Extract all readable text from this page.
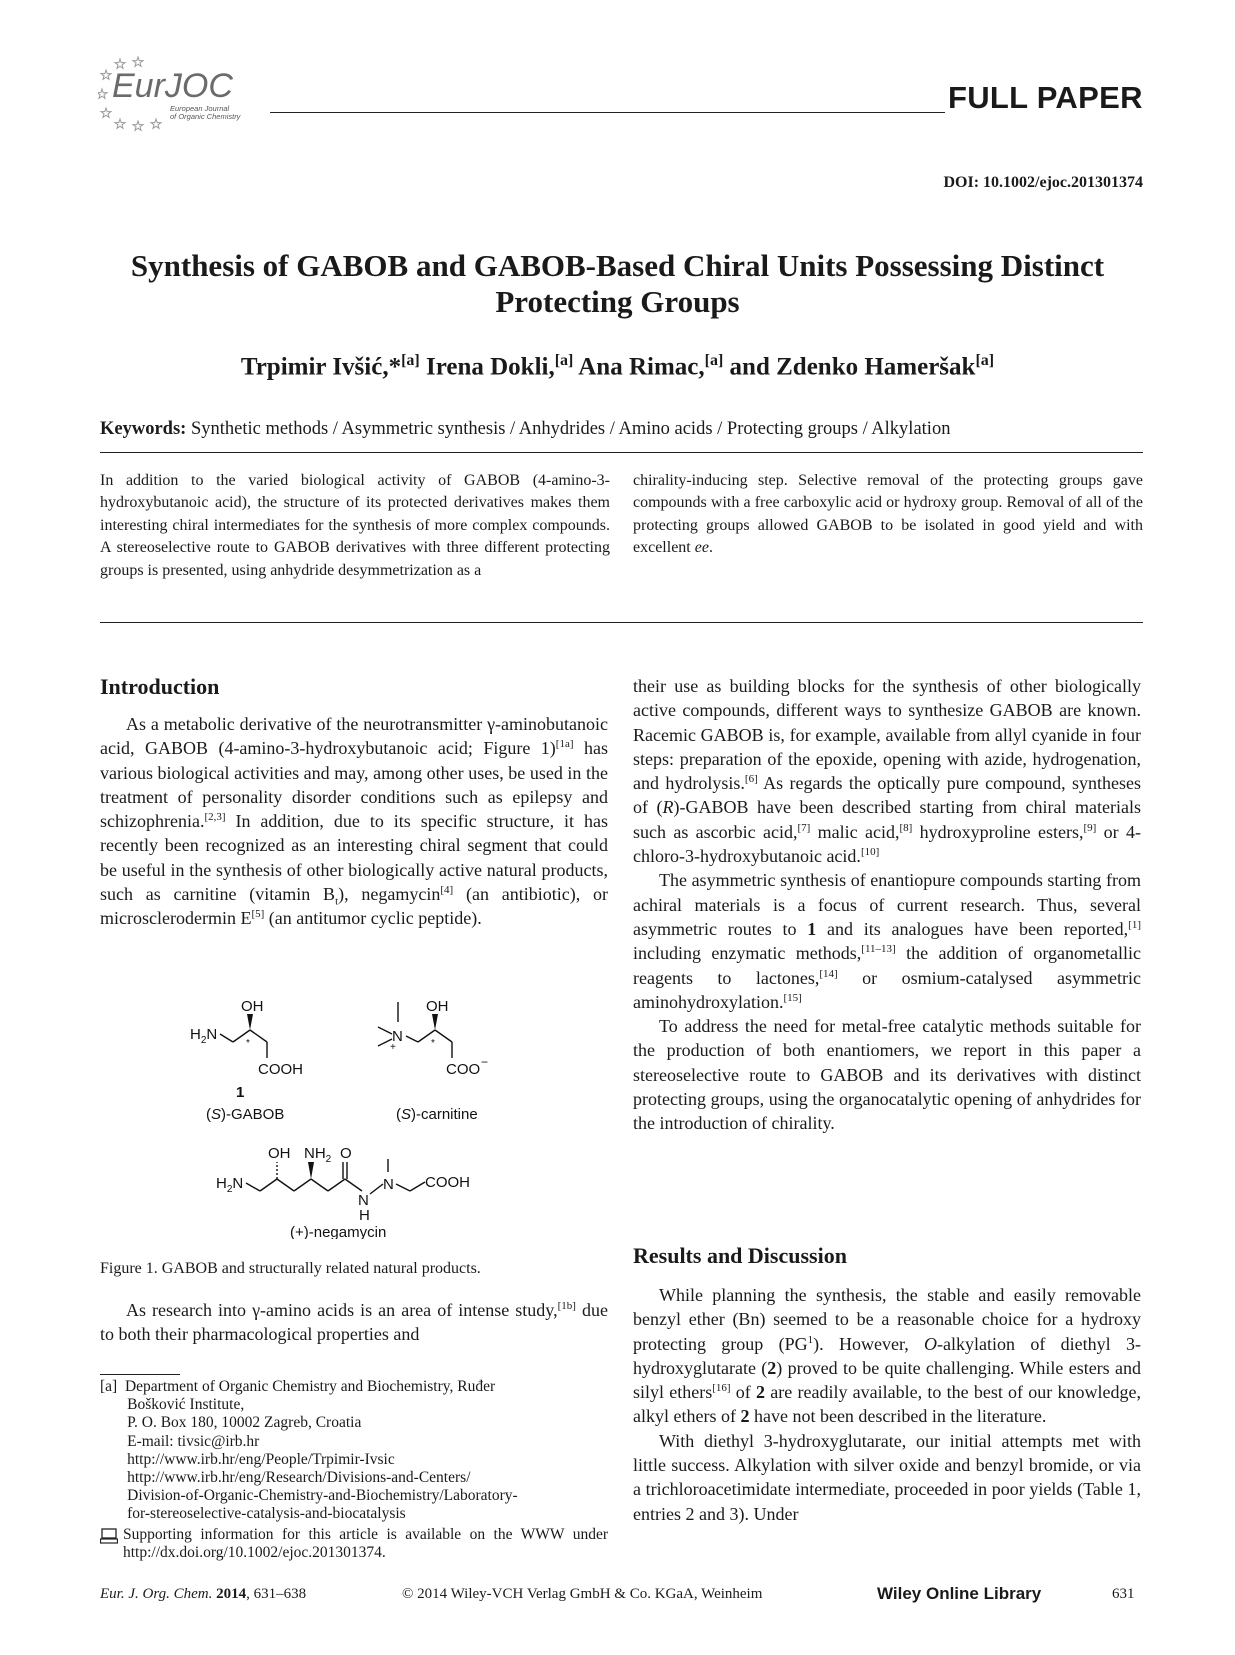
EurJOC
European Journal
of Organic Chemistry
FULL PAPER
DOI: 10.1002/ejoc.201301374
Synthesis of GABOB and GABOB-Based Chiral Units Possessing Distinct
Protecting Groups
Trpimir Ivšić,*[a] Irena Dokli,[a] Ana Rimac,[a] and Zdenko Hameršak[a]
Keywords: Synthetic methods / Asymmetric synthesis / Anhydrides / Amino acids / Protecting groups / Alkylation
In addition to the varied biological activity of GABOB (4-amino-3-hydroxybutanoic acid), the structure of its protected derivatives makes them interesting chiral intermediates for the synthesis of more complex compounds. A stereoselective route to GABOB derivatives with three different protecting groups is presented, using anhydride desymmetrization as a
chirality-inducing step. Selective removal of the protecting groups gave compounds with a free carboxylic acid or hydroxy group. Removal of all of the protecting groups allowed GABOB to be isolated in good yield and with excellent ee.
Introduction

As a metabolic derivative of the neurotransmitter γ-aminobutanoic acid, GABOB (4-amino-3-hydroxybutanoic acid; Figure 1)[1a] has various biological activities and may, among other uses, be used in the treatment of personality disorder conditions such as epilepsy and schizophrenia.[2,3] In addition, due to its specific structure, it has recently been recognized as an interesting chiral segment that could be useful in the synthesis of other biologically active natural products, such as carnitine (vitamin $B_t$), negamycin[4] (an antibiotic), or microsclerodermin E[5] (an antitumor cyclic peptide).

$H_2N$
OH
*
COOH
1
(S)-GABOB
N
+
OH
*
COO −
(S)-carnitine
$H_2N$
OH $NH_2$ O
N
H
N COOH
(+)-negamycin
Figure 1. GABOB and structurally related natural products.

As research into γ-amino acids is an area of intense study,[1b] due to both their pharmacological properties and

[a]  Department of Organic Chemistry and Biochemistry, Ruđer
Bošković Institute,
P. O. Box 180, 10002 Zagreb, Croatia
E-mail: tivsic@irb.hr
http://www.irb.hr/eng/People/Trpimir-Ivsic
http://www.irb.hr/eng/Research/Divisions-and-Centers/
Division-of-Organic-Chemistry-and-Biochemistry/Laboratory-
for-stereoselective-catalysis-and-biocatalysis
Supporting information for this article is available on the WWW under http://dx.doi.org/10.1002/ejoc.201301374.

their use as building blocks for the synthesis of other biologically active compounds, different ways to synthesize GABOB are known. Racemic GABOB is, for example, available from allyl cyanide in four steps: preparation of the epoxide, opening with azide, hydrogenation, and hydrolysis.[6] As regards the optically pure compound, syntheses of (R)-GABOB have been described starting from chiral materials such as ascorbic acid,[7] malic acid,[8] hydroxyproline esters,[9] or 4-chloro-3-hydroxybutanoic acid.[10]

The asymmetric synthesis of enantiopure compounds starting from achiral materials is a focus of current research. Thus, several asymmetric routes to 1 and its analogues have been reported,[1] including enzymatic methods,[11–13] the addition of organometallic reagents to lactones,[14] or osmium-catalysed asymmetric aminohydroxylation.[15]

To address the need for metal-free catalytic methods suitable for the production of both enantiomers, we report in this paper a stereoselective route to GABOB and its derivatives with distinct protecting groups, using the organocatalytic opening of anhydrides for the introduction of chirality.

Results and Discussion

While planning the synthesis, the stable and easily removable benzyl ether (Bn) seemed to be a reasonable choice for a hydroxy protecting group $(PG^1)$. However, O-alkylation of diethyl 3-hydroxyglutarate (2) proved to be quite challenging. While esters and silyl ethers[16] of 2 are readily available, to the best of our knowledge, alkyl ethers of 2 have not been described in the literature.

With diethyl 3-hydroxyglutarate, our initial attempts met with little success. Alkylation with silver oxide and benzyl bromide, or via a trichloroacetimidate intermediate, proceeded in poor yields (Table 1, entries 2 and 3). Under

Eur. J. Org. Chem. 2014, 631–638	© 2014 Wiley-VCH Verlag GmbH & Co. KGaA, Weinheim	Wiley Online Library	631
